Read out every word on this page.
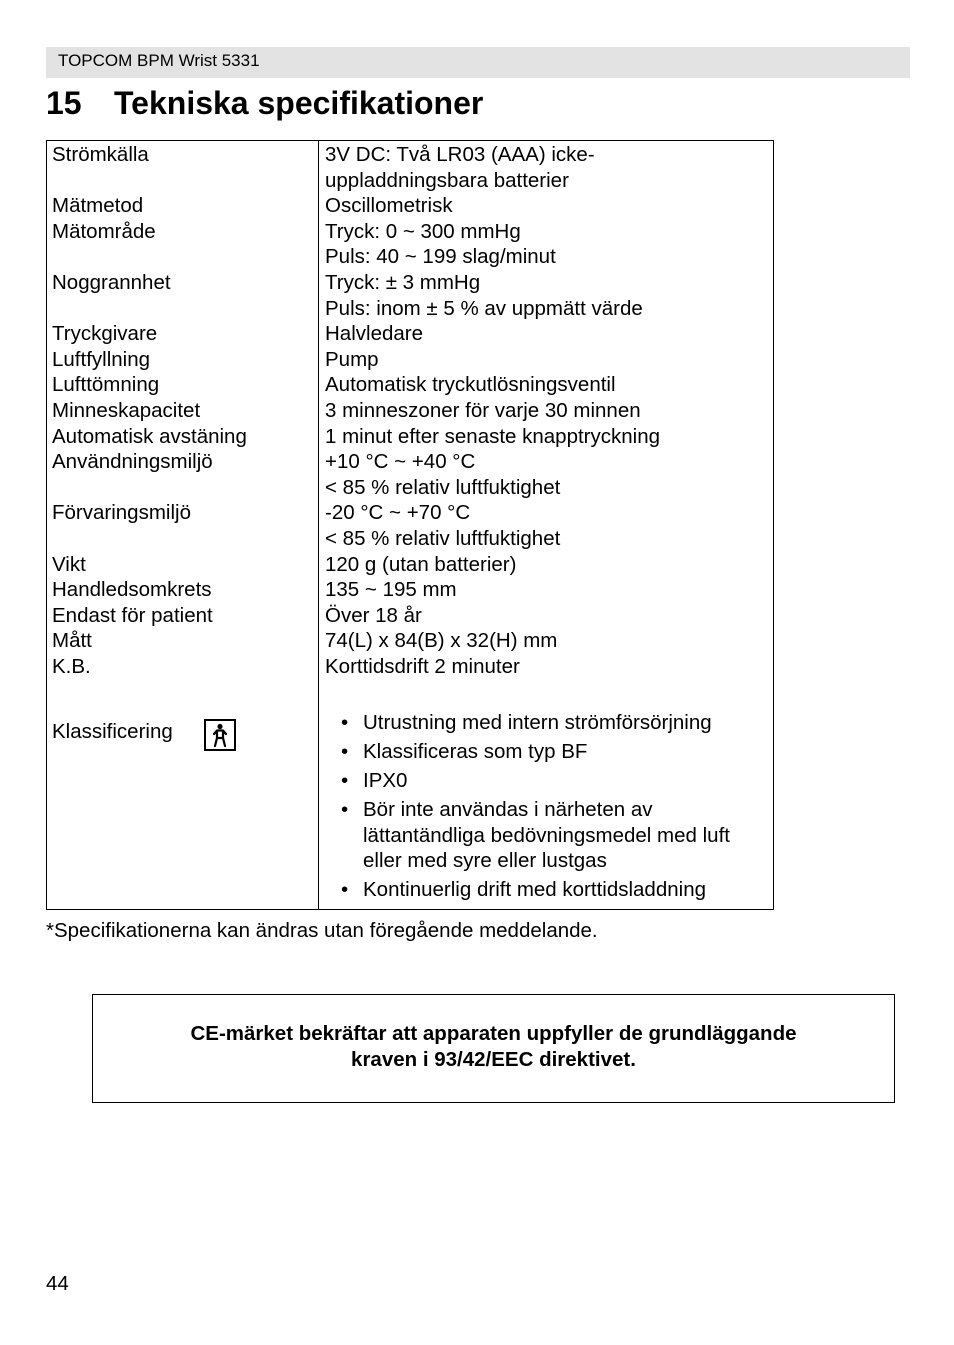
TOPCOM BPM Wrist 5331
15 Tekniska specifikationer
Strömkälla	3V DC: Två LR03 (AAA) icke-
uppladdningsbara batterier
Mätmetod	Oscillometrisk
Mätområde	Tryck: 0 ~ 300 mmHg
Puls: 40 ~ 199 slag/minut
Noggrannhet	Tryck: ± 3 mmHg
Puls: inom ± 5 % av uppmätt värde
Tryckgivare	Halvledare
Luftfyllning	Pump
Lufttömning	Automatisk tryckutlösningsventil
Minneskapacitet	3 minneszoner för varje 30 minnen
Automatisk avstäning	1 minut efter senaste knapptryckning
Användningsmiljö	+10 °C ~ +40 °C
< 85 % relativ luftfuktighet
Förvaringsmiljö	-20 °C ~ +70 °C
< 85 % relativ luftfuktighet
Vikt	120 g (utan batterier)
Handledsomkrets	135 ~ 195 mm
Endast för patient	Över 18 år
Mått	74(L) x 84(B) x 32(H) mm
K.B.	Korttidsdrift 2 minuter
Klassificering	• Utrustning med intern strömförsörjning
• Klassificeras som typ BF
• IPX0
• Bör inte användas i närheten av
lättantändliga bedövningsmedel med luft
eller med syre eller lustgas
• Kontinuerlig drift med korttidsladdning
*Specifikationerna kan ändras utan föregående meddelande.
CE-märket bekräftar att apparaten uppfyller de grundläggande
kraven i 93/42/EEC direktivet.
44
